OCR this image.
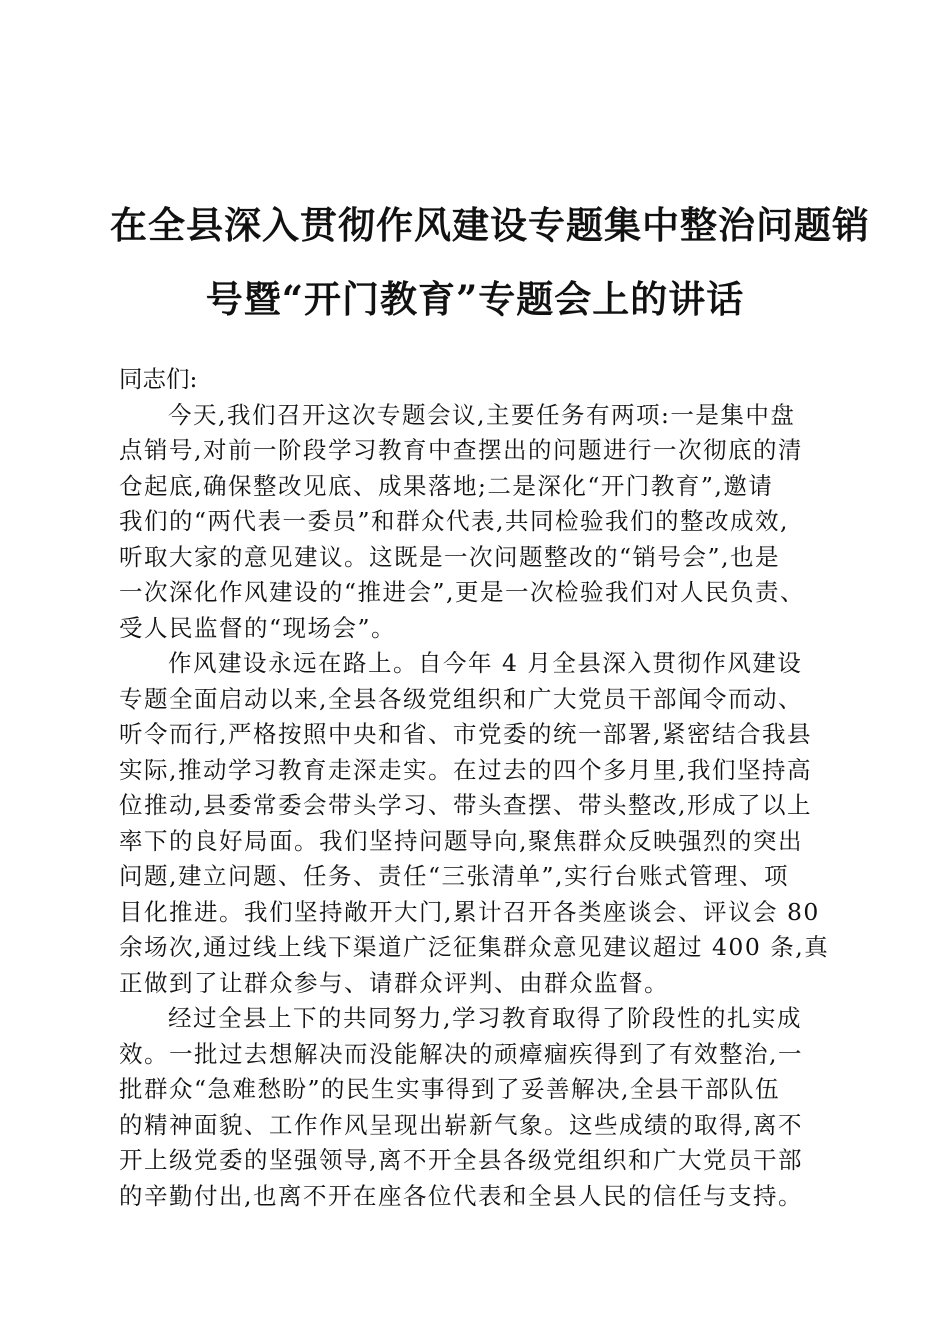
在全县深入贯彻作风建设专题集中整治问题销
号暨“开门教育”专题会上的讲话

同志们:

今天,我们召开这次专题会议,主要任务有两项:一是集中盘
点销号,对前一阶段学习教育中查摆出的问题进行一次彻底的清
仓起底,确保整改见底、成果落地;二是深化“开门教育”,邀请
我们的“两代表一委员”和群众代表,共同检验我们的整改成效,
听取大家的意见建议。这既是一次问题整改的“销号会”,也是
一次深化作风建设的“推进会”,更是一次检验我们对人民负责、
受人民监督的“现场会”。

作风建设永远在路上。自今年 4 月全县深入贯彻作风建设
专题全面启动以来,全县各级党组织和广大党员干部闻令而动、
听令而行,严格按照中央和省、市党委的统一部署,紧密结合我县
实际,推动学习教育走深走实。在过去的四个多月里,我们坚持高
位推动,县委常委会带头学习、带头查摆、带头整改,形成了以上
率下的良好局面。我们坚持问题导向,聚焦群众反映强烈的突出
问题,建立问题、任务、责任“三张清单”,实行台账式管理、项
目化推进。我们坚持敞开大门,累计召开各类座谈会、评议会 80
余场次,通过线上线下渠道广泛征集群众意见建议超过 400 条,真
正做到了让群众参与、请群众评判、由群众监督。

经过全县上下的共同努力,学习教育取得了阶段性的扎实成
效。一批过去想解决而没能解决的顽瘴痼疾得到了有效整治,一
批群众“急难愁盼”的民生实事得到了妥善解决,全县干部队伍
的精神面貌、工作作风呈现出崭新气象。这些成绩的取得,离不
开上级党委的坚强领导,离不开全县各级党组织和广大党员干部
的辛勤付出,也离不开在座各位代表和全县人民的信任与支持。
